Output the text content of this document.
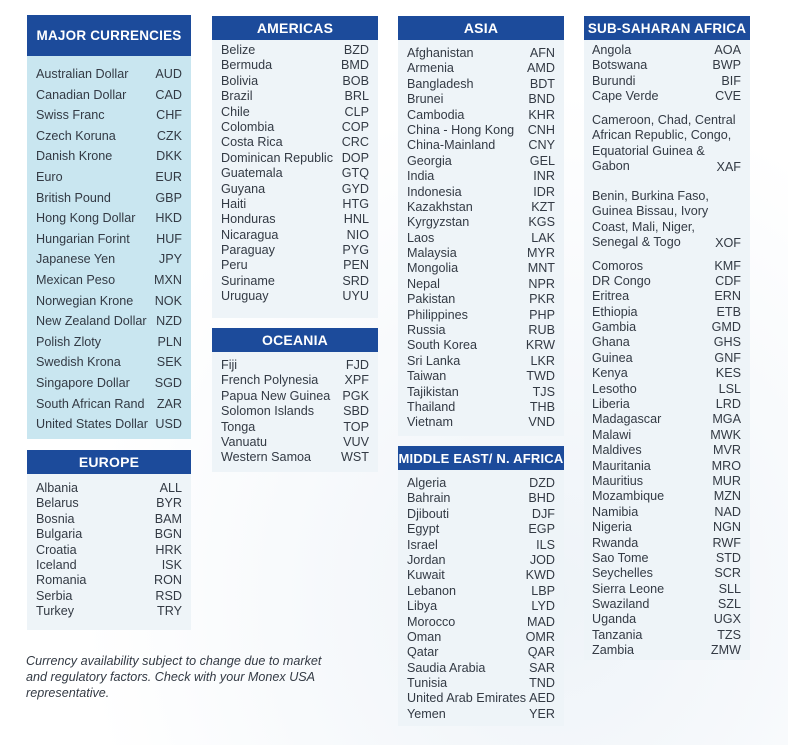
MAJOR CURRENCIES
Australian Dollar AUD
Canadian Dollar CAD
Swiss Franc	CHF
Czech Koruna	CZK
Danish Krone	DKK
Euro	EUR
British Pound	GBP
Hong Kong Dollar HKD
Hungarian Forint HUF
Japanese Yen	JPY
Mexican Peso	MXN
Norwegian Krone NOK
New Zealand Dollar NZD
Polish Zloty	PLN
Swedish Krona	SEK
Singapore Dollar SGD
South African Rand ZAR
United States Dollar USD
EUROPE
Albania	ALL
Belarus	BYR
Bosnia	BAM
Bulgaria	BGN
Croatia	HRK
Iceland	ISK
Romania	RON
Serbia	RSD
Turkey	TRY
AMERICAS
Belize	BZD
Bermuda	BMD
Bolivia	BOB
Brazil	BRL
Chile	CLP
Colombia	COP
Costa Rica	CRC
Dominican Republic DOP
Guatemala	GTQ
Guyana	GYD
Haiti	HTG
Honduras	HNL
Nicaragua	NIO
Paraguay	PYG
Peru	PEN
Suriname	SRD
Uruguay	UYU
OCEANIA
Fiji	FJD
French Polynesia XPF
Papua New Guinea PGK
Solomon Islands SBD
Tonga	TOP
Vanuatu	VUV
Western Samoa WST
ASIA
Afghanistan	AFN
Armenia	AMD
Bangladesh	BDT
Brunei	BND
Cambodia	KHR
China - Hong Kong CNH
China-Mainland	CNY
Georgia	GEL
India	INR
Indonesia	IDR
Kazakhstan	KZT
Kyrgyzstan	KGS
Laos	LAK
Malaysia	MYR
Mongolia	MNT
Nepal	NPR
Pakistan	PKR
Philippines	PHP
Russia	RUB
South Korea	KRW
Sri Lanka	LKR
Taiwan	TWD
Tajikistan	TJS
Thailand	THB
Vietnam	VND
MIDDLE EAST/ N. AFRICA
Algeria	DZD
Bahrain	BHD
Djibouti	DJF
Egypt	EGP
Israel	ILS
Jordan	JOD
Kuwait	KWD
Lebanon	LBP
Libya	LYD
Morocco	MAD
Oman	OMR
Qatar	QAR
Saudia Arabia	SAR
Tunisia	TND
United Arab Emirates AED
Yemen	YER
SUB-SAHARAN AFRICA
Angola	AOA
Botswana	BWP
Burundi	BIF
Cape Verde	CVE
Cameroon, Chad, Central African Republic, Congo, Equatorial Guinea & Gabon	XAF
Benin, Burkina Faso, Guinea Bissau, Ivory Coast, Mali, Niger, Senegal & Togo	XOF
Comoros	KMF
DR Congo	CDF
Eritrea	ERN
Ethiopia	ETB
Gambia	GMD
Ghana	GHS
Guinea	GNF
Kenya	KES
Lesotho	LSL
Liberia	LRD
Madagascar	MGA
Malawi	MWK
Maldives	MVR
Mauritania	MRO
Mauritius	MUR
Mozambique	MZN
Namibia	NAD
Nigeria	NGN
Rwanda	RWF
Sao Tome	STD
Seychelles	SCR
Sierra Leone	SLL
Swaziland	SZL
Uganda	UGX
Tanzania	TZS
Zambia	ZMW
Currency availability subject to change due to market and regulatory factors. Check with your Monex USA representative.
